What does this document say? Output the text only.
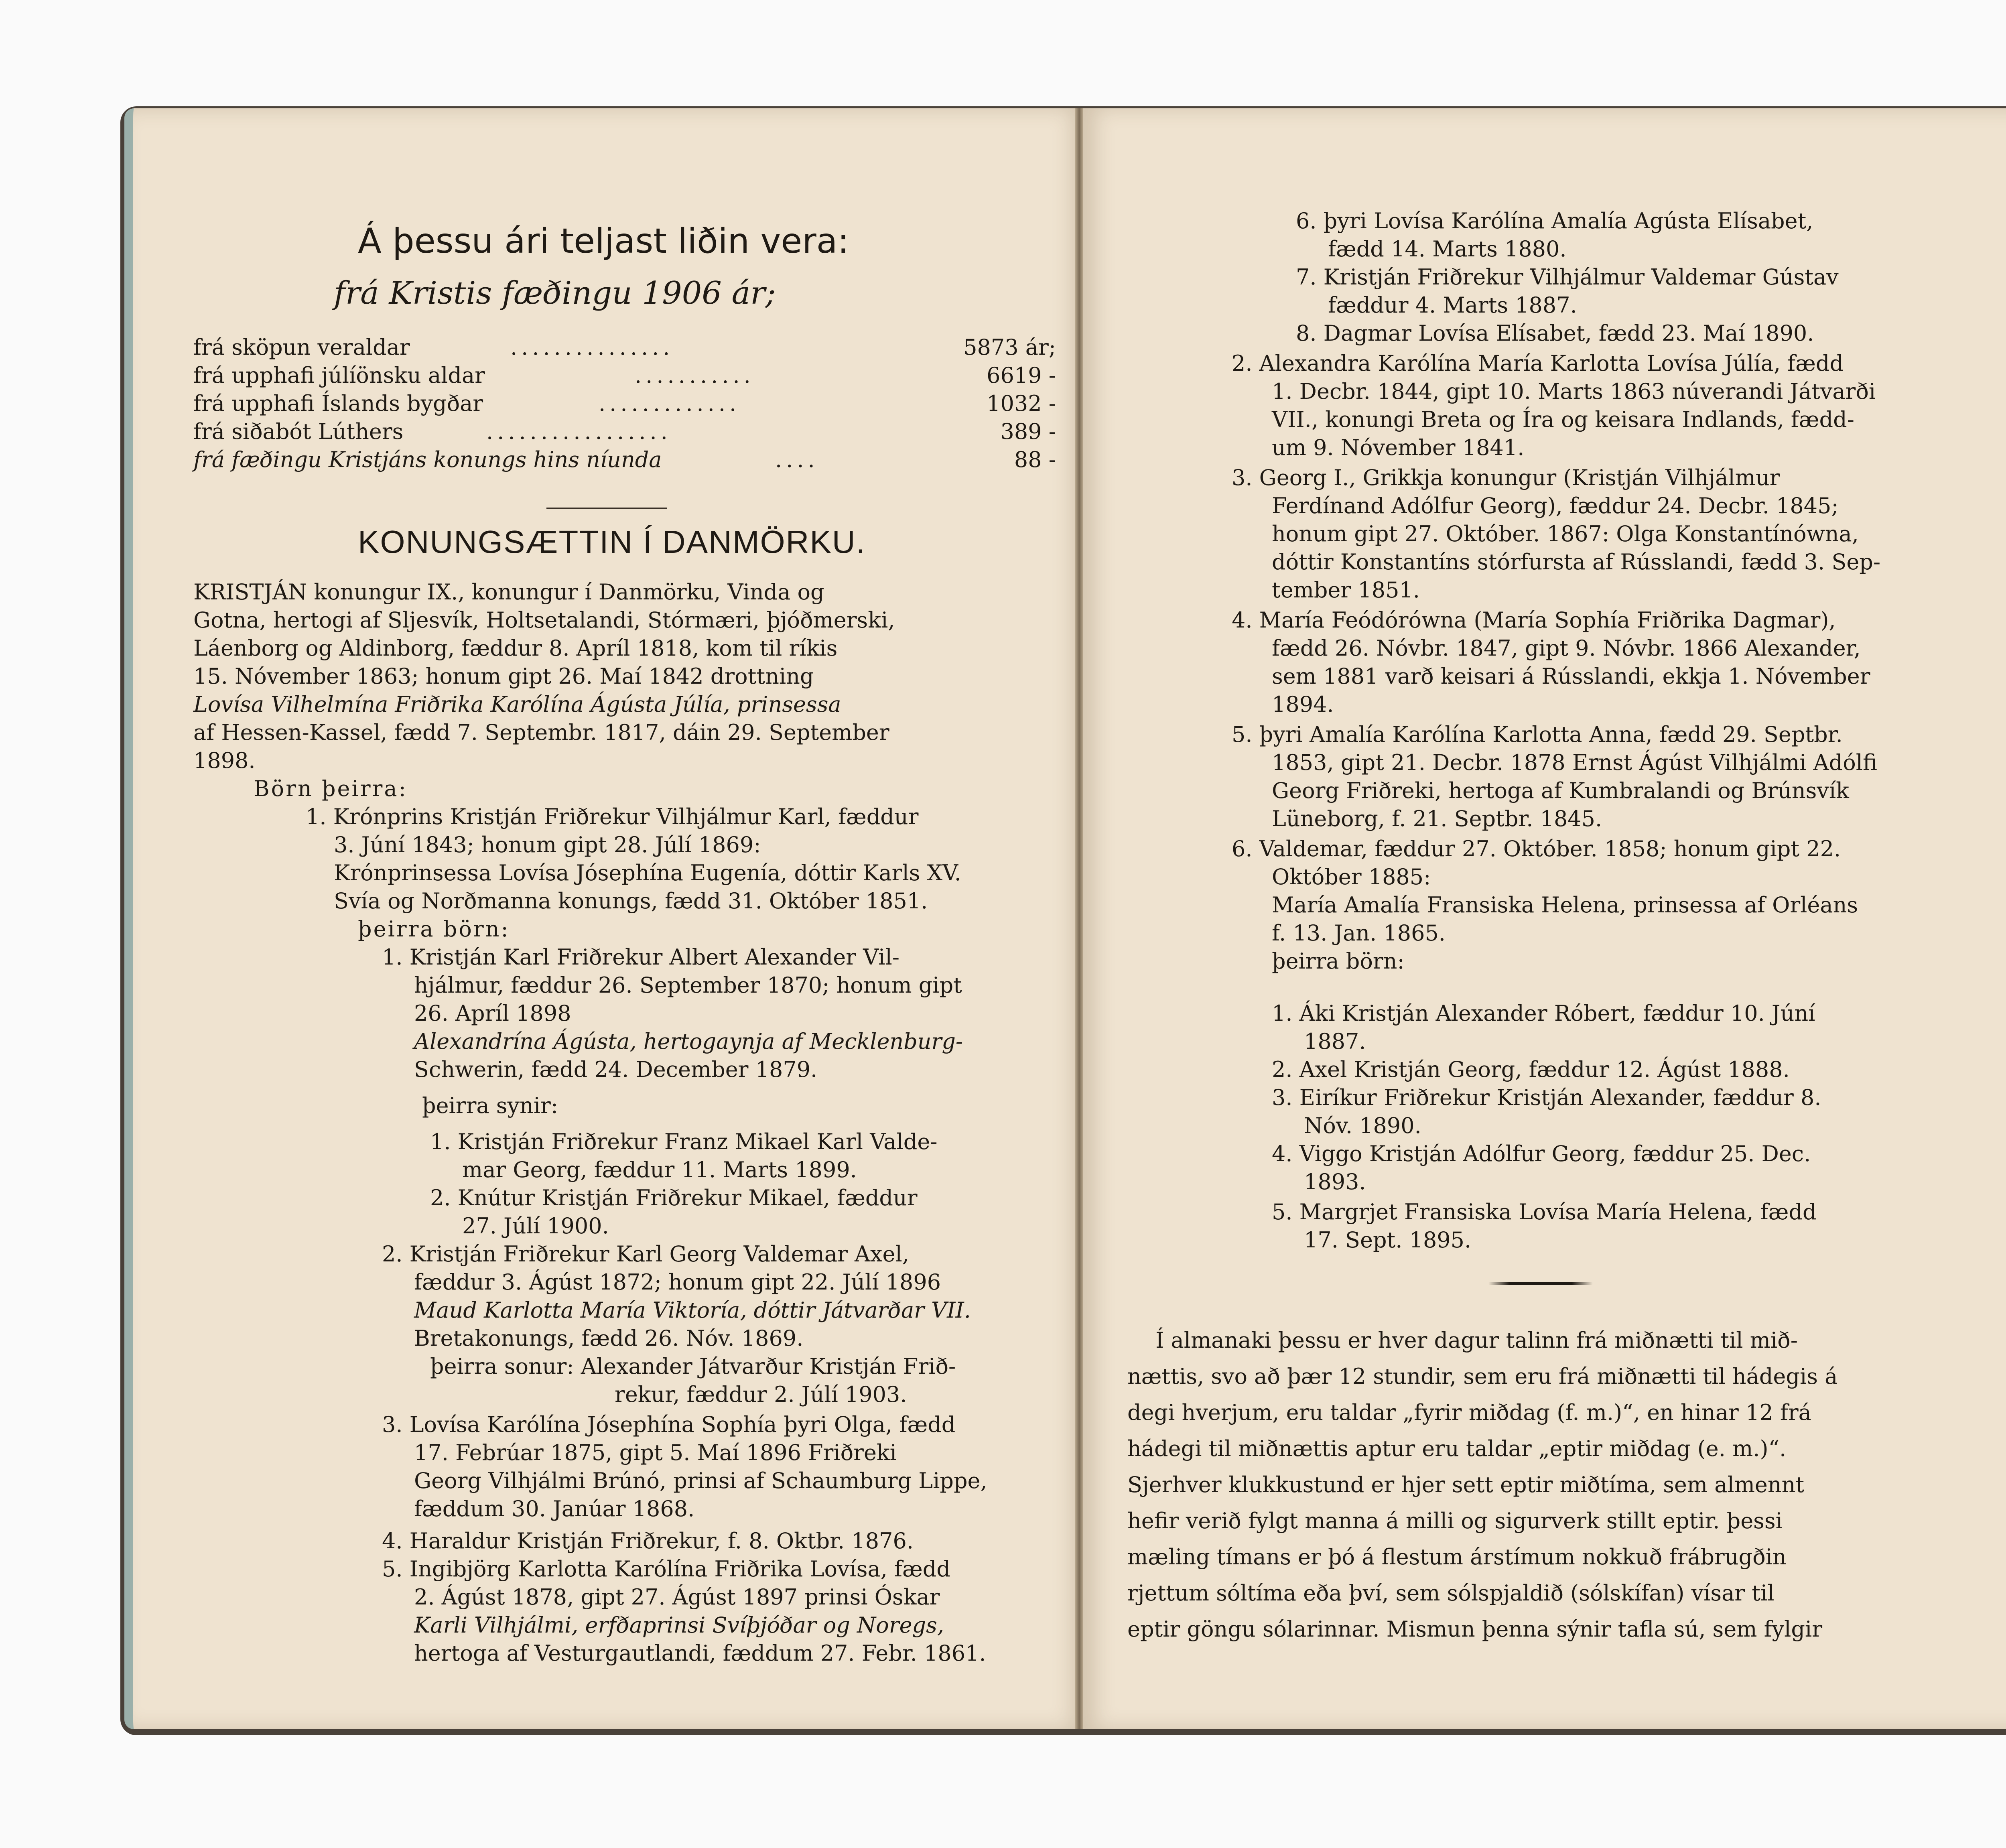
Á þessu ári teljast liðin vera:
frá Kristis fæðingu 1906 ár;
frá sköpun veraldar	...............	5873 ár;
frá upphafi júlíönsku aldar	...........	6619 -
frá upphafi Íslands bygðar	.............	1032 -
frá siðabót Lúthers	.................	389 -
frá fæðingu Kristjáns konungs hins níunda	....	88 -
KONUNGSÆTTIN Í DANMÖRKU.
KRISTJÁN konungur IX., konungur í Danmörku, Vinda og
Gotna, hertogi af Sljesvík, Holtsetalandi, Stórmæri, þjóðmerski,
Láenborg og Aldinborg, fæddur 8. Apríl 1818, kom til ríkis
15. Nóvember 1863; honum gipt 26. Maí 1842 drottning
Lovísa Vilhelmína Friðrika Karólína Ágústa Júlía, prinsessa
af Hessen-Kassel, fædd 7. Septembr. 1817, dáin 29. September
1898.
Börn þeirra:
1. Krónprins Kristján Friðrekur Vilhjálmur Karl, fæddur
3. Júní 1843; honum gipt 28. Júlí 1869:
Krónprinsessa Lovísa Jósephína Eugenía, dóttir Karls XV.
Svía og Norðmanna konungs, fædd 31. Október 1851.
þeirra börn:
1. Kristján Karl Friðrekur Albert Alexander Vil-
hjálmur, fæddur 26. September 1870; honum gipt
26. Apríl 1898
Alexandrína Ágústa, hertogaynja af Mecklenburg-
Schwerin, fædd 24. December 1879.
þeirra synir:
1. Kristján Friðrekur Franz Mikael Karl Valde-
mar Georg, fæddur 11. Marts 1899.
2. Knútur Kristján Friðrekur Mikael, fæddur
27. Júlí 1900.
2. Kristján Friðrekur Karl Georg Valdemar Axel,
fæddur 3. Ágúst 1872; honum gipt 22. Júlí 1896
Maud Karlotta María Viktoría, dóttir Játvarðar VII.
Bretakonungs, fædd 26. Nóv. 1869.
þeirra sonur: Alexander Játvarður Kristján Frið-
rekur, fæddur 2. Júlí 1903.
3. Lovísa Karólína Jósephína Sophía þyri Olga, fædd
17. Febrúar 1875, gipt 5. Maí 1896 Friðreki
Georg Vilhjálmi Brúnó, prinsi af Schaumburg Lippe,
fæddum 30. Janúar 1868.
4. Haraldur Kristján Friðrekur, f. 8. Oktbr. 1876.
5. Ingibjörg Karlotta Karólína Friðrika Lovísa, fædd
2. Ágúst 1878, gipt 27. Ágúst 1897 prinsi Óskar
Karli Vilhjálmi, erfðaprinsi Svíþjóðar og Noregs,
hertoga af Vesturgautlandi, fæddum 27. Febr. 1861.
6. þyri Lovísa Karólína Amalía Agústa Elísabet,
fædd 14. Marts 1880.
7. Kristján Friðrekur Vilhjálmur Valdemar Gústav
fæddur 4. Marts 1887.
8. Dagmar Lovísa Elísabet, fædd 23. Maí 1890.
2. Alexandra Karólína María Karlotta Lovísa Júlía, fædd
1. Decbr. 1844, gipt 10. Marts 1863 núverandi Játvarði
VII., konungi Breta og Íra og keisara Indlands, fædd-
um 9. Nóvember 1841.
3. Georg I., Grikkja konungur (Kristján Vilhjálmur
Ferdínand Adólfur Georg), fæddur 24. Decbr. 1845;
honum gipt 27. Október. 1867: Olga Konstantínówna,
dóttir Konstantíns stórfursta af Rússlandi, fædd 3. Sep-
tember 1851.
4. María Feódórówna (María Sophía Friðrika Dagmar),
fædd 26. Nóvbr. 1847, gipt 9. Nóvbr. 1866 Alexander,
sem 1881 varð keisari á Rússlandi, ekkja 1. Nóvember
1894.
5. þyri Amalía Karólína Karlotta Anna, fædd 29. Septbr.
1853, gipt 21. Decbr. 1878 Ernst Ágúst Vilhjálmi Adólfi
Georg Friðreki, hertoga af Kumbralandi og Brúnsvík
Lüneborg, f. 21. Septbr. 1845.
6. Valdemar, fæddur 27. Október. 1858; honum gipt 22.
Október 1885:
María Amalía Fransiska Helena, prinsessa af Orléans
f. 13. Jan. 1865.
þeirra börn:
1. Áki Kristján Alexander Róbert, fæddur 10. Júní
1887.
2. Axel Kristján Georg, fæddur 12. Ágúst 1888.
3. Eiríkur Friðrekur Kristján Alexander, fæddur 8.
Nóv. 1890.
4. Viggo Kristján Adólfur Georg, fæddur 25. Dec.
1893.
5. Margrjet Fransiska Lovísa María Helena, fædd
17. Sept. 1895.
Í almanaki þessu er hver dagur talinn frá miðnætti til mið-
nættis, svo að þær 12 stundir, sem eru frá miðnætti til hádegis á
degi hverjum, eru taldar „fyrir miðdag (f. m.)“, en hinar 12 frá
hádegi til miðnættis aptur eru taldar „eptir miðdag (e. m.)“.
Sjerhver klukkustund er hjer sett eptir miðtíma, sem almennt
hefir verið fylgt manna á milli og sigurverk stillt eptir. þessi
mæling tímans er þó á flestum árstímum nokkuð frábrugðin
rjettum sóltíma eða því, sem sólspjaldið (sólskífan) vísar til
eptir göngu sólarinnar. Mismun þenna sýnir tafla sú, sem fylgir
